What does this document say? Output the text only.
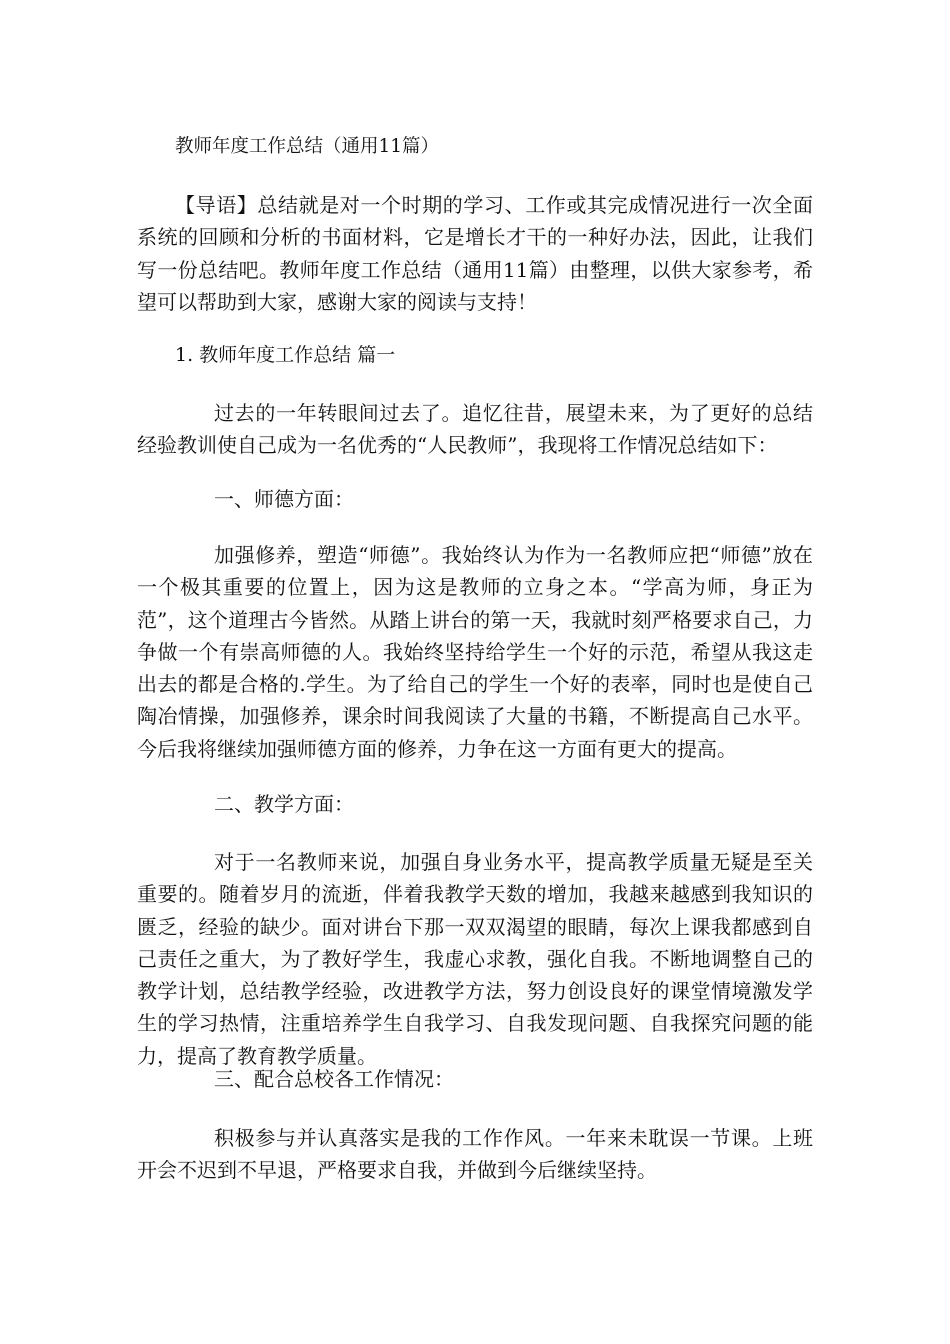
教师年度工作总结（通用11篇）

【导语】总结就是对一个时期的学习、工作或其完成情况进行一次全面系统的回顾和分析的书面材料，它是增长才干的一种好办法，因此，让我们写一份总结吧。教师年度工作总结（通用11篇）由整理，以供大家参考，希望可以帮助到大家，感谢大家的阅读与支持！

1. 教师年度工作总结 篇一

过去的一年转眼间过去了。追忆往昔，展望未来，为了更好的总结经验教训使自己成为一名优秀的“人民教师”，我现将工作情况总结如下：

一、师德方面：

加强修养，塑造“师德”。我始终认为作为一名教师应把“师德”放在一个极其重要的位置上，因为这是教师的立身之本。“学高为师，身正为范”，这个道理古今皆然。从踏上讲台的第一天，我就时刻严格要求自己，力争做一个有崇高师德的人。我始终坚持给学生一个好的示范，希望从我这走出去的都是合格的.学生。为了给自己的学生一个好的表率，同时也是使自己陶冶情操，加强修养，课余时间我阅读了大量的书籍，不断提高自己水平。今后我将继续加强师德方面的修养，力争在这一方面有更大的提高。

二、教学方面：

对于一名教师来说，加强自身业务水平，提高教学质量无疑是至关重要的。随着岁月的流逝，伴着我教学天数的增加，我越来越感到我知识的匮乏，经验的缺少。面对讲台下那一双双渴望的眼睛，每次上课我都感到自己责任之重大，为了教好学生，我虚心求教，强化自我。不断地调整自己的教学计划，总结教学经验，改进教学方法，努力创设良好的课堂情境激发学生的学习热情，注重培养学生自我学习、自我发现问题、自我探究问题的能力，提高了教育教学质量。

三、配合总校各工作情况：

积极参与并认真落实是我的工作作风。一年来未耽误一节课。上班开会不迟到不早退，严格要求自我，并做到今后继续坚持。
